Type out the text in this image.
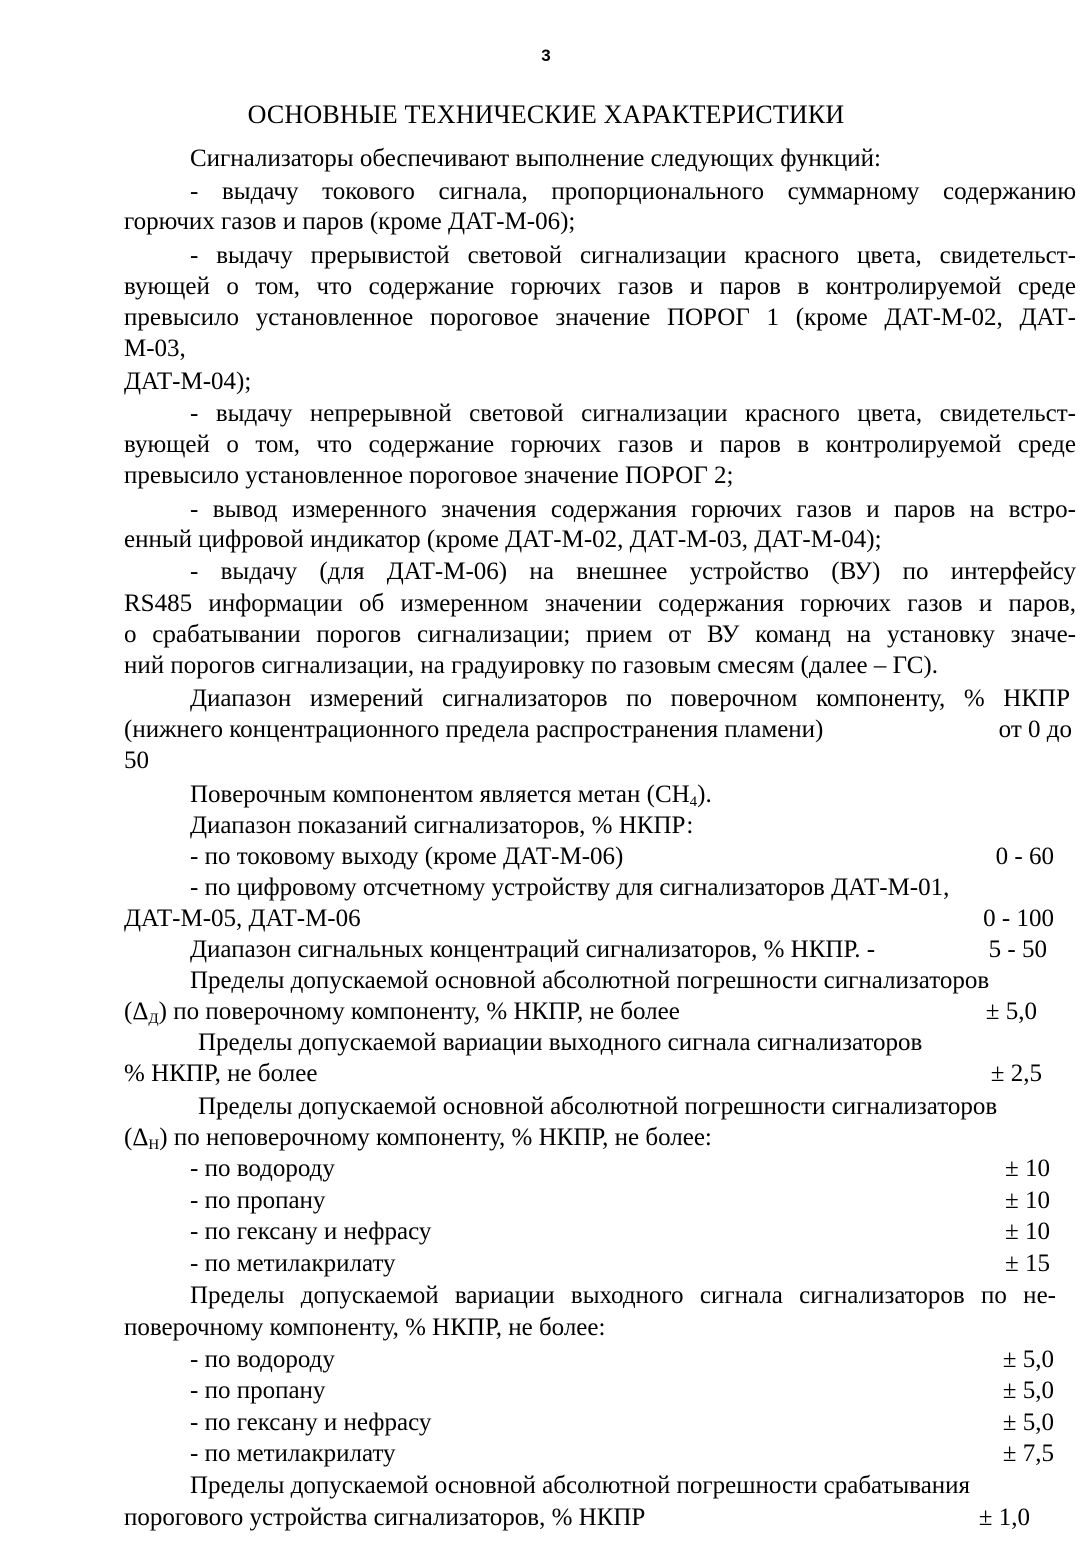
3
ОСНОВНЫЕ ТЕХНИЧЕСКИЕ ХАРАКТЕРИСТИКИ
Сигнализаторы обеспечивают выполнение следующих функций:
- выдачу токового сигнала, пропорционального суммарному содержанию
горючих газов и паров (кроме ДАТ-М-06);
- выдачу прерывистой световой сигнализации красного цвета, свидетельст-
вующей о том, что содержание горючих газов и паров в контролируемой среде
превысило установленное пороговое значение ПОРОГ 1 (кроме ДАТ-М-02, ДАТ-
М-03,
ДАТ-М-04);
- выдачу непрерывной световой сигнализации красного цвета, свидетельст-
вующей о том, что содержание горючих газов и паров в контролируемой среде
превысило установленное пороговое значение ПОРОГ 2;
- вывод измеренного значения содержания горючих газов и паров на встро-
енный цифровой индикатор (кроме ДАТ-М-02, ДАТ-М-03, ДАТ-М-04);
- выдачу (для ДАТ-М-06) на внешнее устройство (ВУ) по интерфейсу
RS485 информации об измеренном значении содержания горючих газов и паров,
о срабатывании порогов сигнализации; прием от ВУ команд на установку значе-
ний порогов сигнализации, на градуировку по газовым смесям (далее – ГС).
Диапазон измерений сигнализаторов по поверочном компоненту, % НКПР
(нижнего концентрационного предела распространения пламени)	от 0 до
50
Поверочным компонентом является метан $(CH_4)$.
Диапазон показаний сигнализаторов, % НКПР:
- по токовому выходу (кроме ДАТ-М-06)	0 - 60
- по цифровому отсчетному устройству для сигнализаторов ДАТ-М-01,
ДАТ-М-05, ДАТ-М-06	0 - 100
Диапазон сигнальных концентраций сигнализаторов, % НКПР. -	5 - 50
Пределы допускаемой основной абсолютной погрешности сигнализаторов
$(\Delta_Д)$ по поверочному компоненту, % НКПР, не более	± 5,0
Пределы допускаемой вариации выходного сигнала сигнализаторов
% НКПР, не более	± 2,5
Пределы допускаемой основной абсолютной погрешности сигнализаторов
$(\Delta_Н)$ по неповерочному компоненту, % НКПР, не более:
- по водороду	± 10
- по пропану	± 10
- по гексану и нефрасу	± 10
- по метилакрилату	± 15
Пределы допускаемой вариации выходного сигнала сигнализаторов по не-
поверочному компоненту, % НКПР, не более:
- по водороду	± 5,0
- по пропану	± 5,0
- по гексану и нефрасу	± 5,0
- по метилакрилату	± 7,5
Пределы допускаемой основной абсолютной погрешности срабатывания
порогового устройства сигнализаторов, % НКПР	± 1,0
